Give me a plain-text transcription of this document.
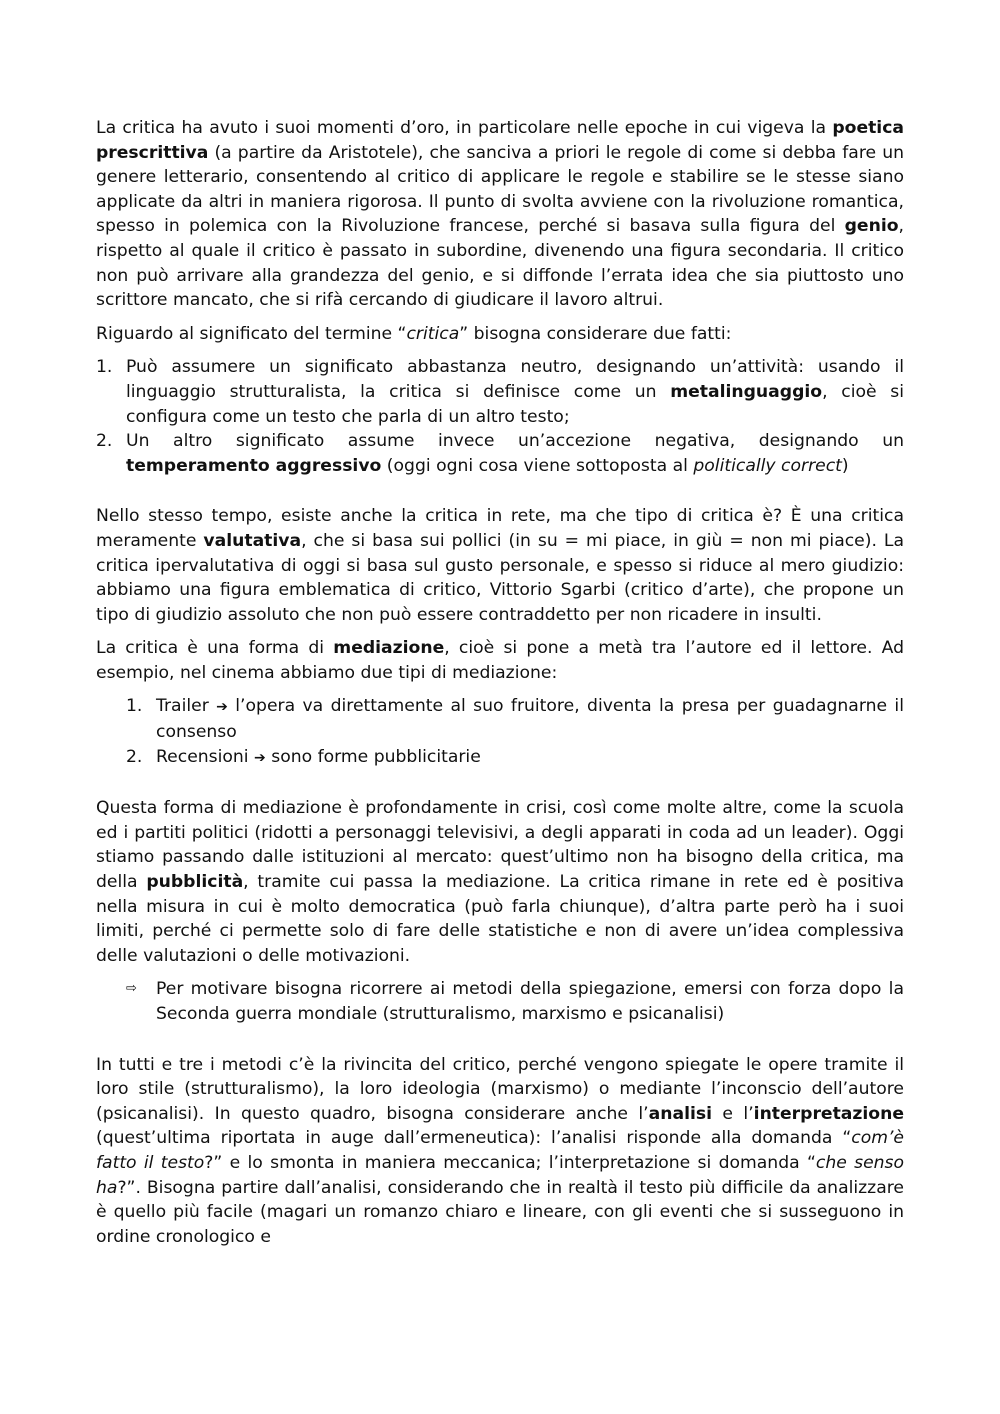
La critica ha avuto i suoi momenti d’oro, in particolare nelle epoche in cui vigeva la poetica prescrittiva (a partire da Aristotele), che sanciva a priori le regole di come si debba fare un genere letterario, consentendo al critico di applicare le regole e stabilire se le stesse siano applicate da altri in maniera rigorosa. Il punto di svolta avviene con la rivoluzione romantica, spesso in polemica con la Rivoluzione francese, perché si basava sulla figura del genio, rispetto al quale il critico è passato in subordine, divenendo una figura secondaria. Il critico non può arrivare alla grandezza del genio, e si diffonde l’errata idea che sia piuttosto uno scrittore mancato, che si rifà cercando di giudicare il lavoro altrui.

Riguardo al significato del termine “critica” bisogna considerare due fatti:

1. Può assumere un significato abbastanza neutro, designando un’attività: usando il linguaggio strutturalista, la critica si definisce come un metalinguaggio, cioè si configura come un testo che parla di un altro testo;
2. Un altro significato assume invece un’accezione negativa, designando un temperamento aggressivo (oggi ogni cosa viene sottoposta al politically correct)

Nello stesso tempo, esiste anche la critica in rete, ma che tipo di critica è? È una critica meramente valutativa, che si basa sui pollici (in su = mi piace, in giù = non mi piace). La critica ipervalutativa di oggi si basa sul gusto personale, e spesso si riduce al mero giudizio: abbiamo una figura emblematica di critico, Vittorio Sgarbi (critico d’arte), che propone un tipo di giudizio assoluto che non può essere contraddetto per non ricadere in insulti.

La critica è una forma di mediazione, cioè si pone a metà tra l’autore ed il lettore. Ad esempio, nel cinema abbiamo due tipi di mediazione:

1. Trailer ➔ l’opera va direttamente al suo fruitore, diventa la presa per guadagnarne il consenso
2. Recensioni ➔ sono forme pubblicitarie

Questa forma di mediazione è profondamente in crisi, così come molte altre, come la scuola ed i partiti politici (ridotti a personaggi televisivi, a degli apparati in coda ad un leader). Oggi stiamo passando dalle istituzioni al mercato: quest’ultimo non ha bisogno della critica, ma della pubblicità, tramite cui passa la mediazione. La critica rimane in rete ed è positiva nella misura in cui è molto democratica (può farla chiunque), d’altra parte però ha i suoi limiti, perché ci permette solo di fare delle statistiche e non di avere un’idea complessiva delle valutazioni o delle motivazioni.

⇨	Per motivare bisogna ricorrere ai metodi della spiegazione, emersi con forza dopo la Seconda guerra mondiale (strutturalismo, marxismo e psicanalisi)

In tutti e tre i metodi c’è la rivincita del critico, perché vengono spiegate le opere tramite il loro stile (strutturalismo), la loro ideologia (marxismo) o mediante l’inconscio dell’autore (psicanalisi). In questo quadro, bisogna considerare anche l’analisi e l’interpretazione (quest’ultima riportata in auge dall’ermeneutica): l’analisi risponde alla domanda “com’è fatto il testo?” e lo smonta in maniera meccanica; l’interpretazione si domanda “che senso ha?”. Bisogna partire dall’analisi, considerando che in realtà il testo più difficile da analizzare è quello più facile (magari un romanzo chiaro e lineare, con gli eventi che si susseguono in ordine cronologico e
